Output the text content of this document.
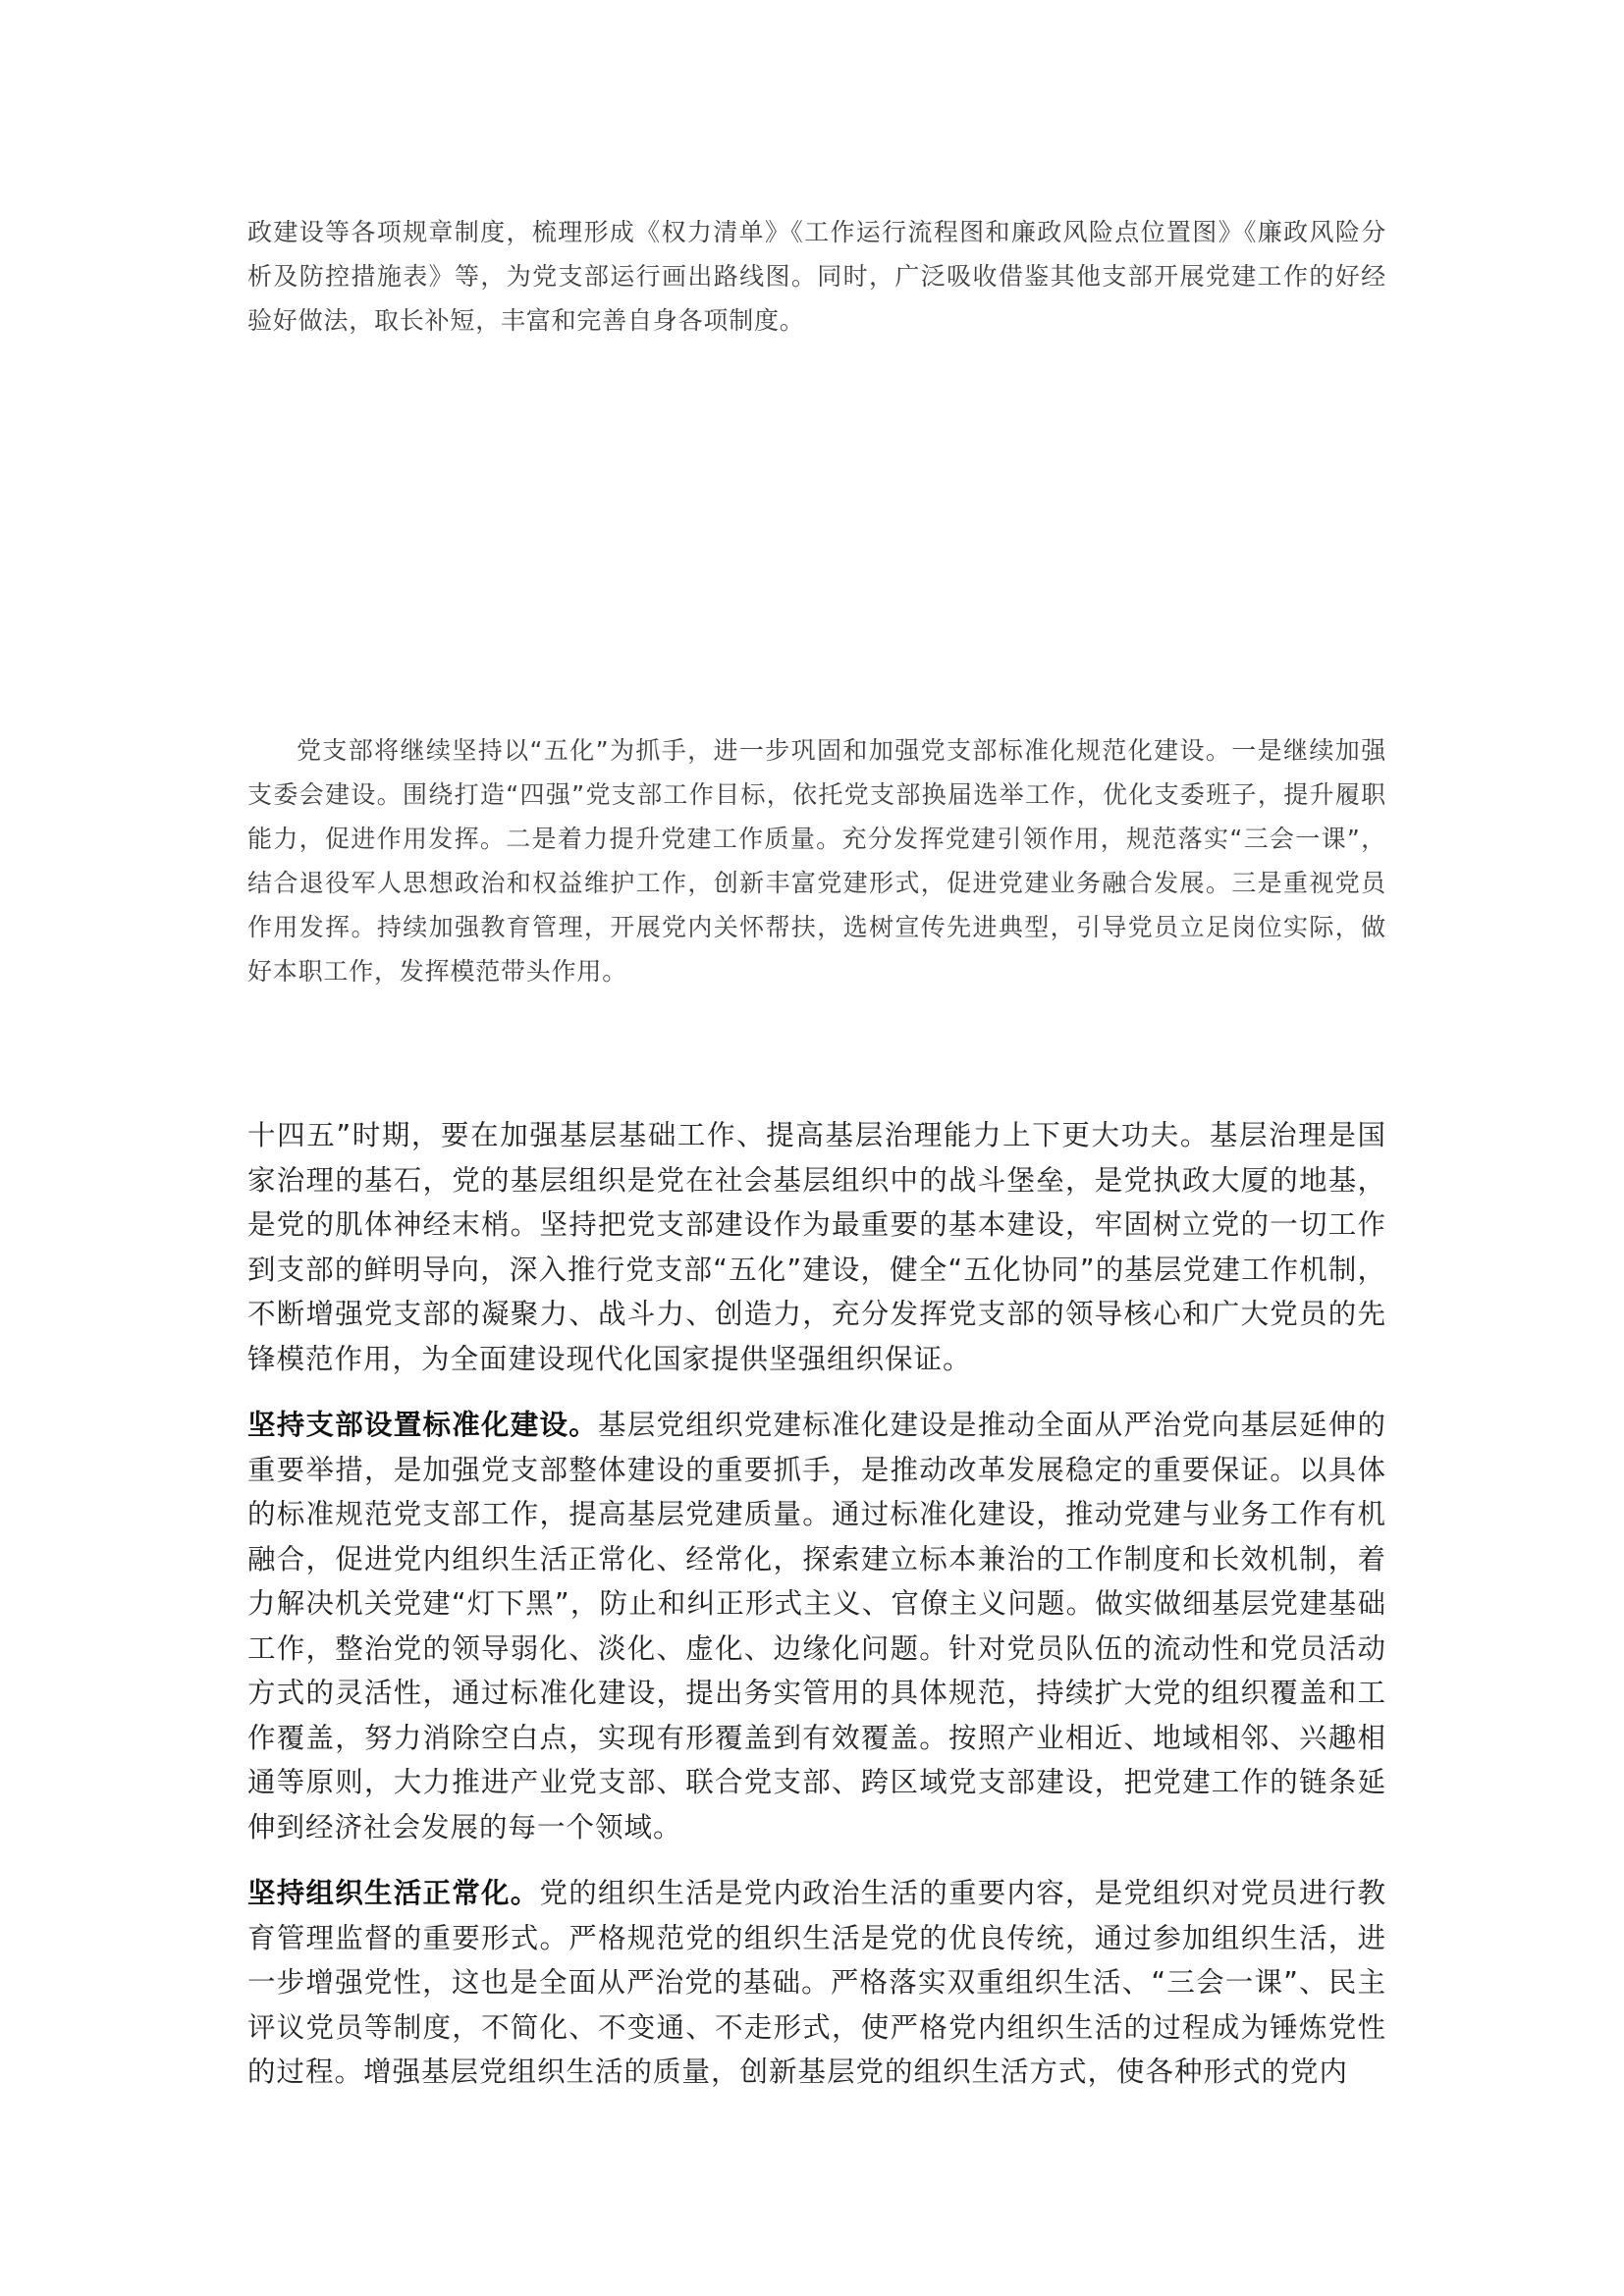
政建设等各项规章制度，梳理形成《权力清单》《工作运行流程图和廉政风险点位置图》《廉政风险分析及防控措施表》等，为党支部运行画出路线图。同时，广泛吸收借鉴其他支部开展党建工作的好经验好做法，取长补短，丰富和完善自身各项制度。

党支部将继续坚持以“五化”为抓手，进一步巩固和加强党支部标准化规范化建设。一是继续加强支委会建设。围绕打造“四强”党支部工作目标，依托党支部换届选举工作，优化支委班子，提升履职能力，促进作用发挥。二是着力提升党建工作质量。充分发挥党建引领作用，规范落实“三会一课”，结合退役军人思想政治和权益维护工作，创新丰富党建形式，促进党建业务融合发展。三是重视党员作用发挥。持续加强教育管理，开展党内关怀帮扶，选树宣传先进典型，引导党员立足岗位实际，做好本职工作，发挥模范带头作用。

十四五”时期，要在加强基层基础工作、提高基层治理能力上下更大功夫。基层治理是国家治理的基石，党的基层组织是党在社会基层组织中的战斗堡垒，是党执政大厦的地基，是党的肌体神经末梢。坚持把党支部建设作为最重要的基本建设，牢固树立党的一切工作到支部的鲜明导向，深入推行党支部“五化”建设，健全“五化协同”的基层党建工作机制，不断增强党支部的凝聚力、战斗力、创造力，充分发挥党支部的领导核心和广大党员的先锋模范作用，为全面建设现代化国家提供坚强组织保证。

坚持支部设置标准化建设。基层党组织党建标准化建设是推动全面从严治党向基层延伸的重要举措，是加强党支部整体建设的重要抓手，是推动改革发展稳定的重要保证。以具体的标准规范党支部工作，提高基层党建质量。通过标准化建设，推动党建与业务工作有机融合，促进党内组织生活正常化、经常化，探索建立标本兼治的工作制度和长效机制，着力解决机关党建“灯下黑”，防止和纠正形式主义、官僚主义问题。做实做细基层党建基础工作，整治党的领导弱化、淡化、虚化、边缘化问题。针对党员队伍的流动性和党员活动方式的灵活性，通过标准化建设，提出务实管用的具体规范，持续扩大党的组织覆盖和工作覆盖，努力消除空白点，实现有形覆盖到有效覆盖。按照产业相近、地域相邻、兴趣相通等原则，大力推进产业党支部、联合党支部、跨区域党支部建设，把党建工作的链条延伸到经济社会发展的每一个领域。

坚持组织生活正常化。党的组织生活是党内政治生活的重要内容，是党组织对党员进行教育管理监督的重要形式。严格规范党的组织生活是党的优良传统，通过参加组织生活，进一步增强党性，这也是全面从严治党的基础。严格落实双重组织生活、“三会一课”、民主评议党员等制度，不简化、不变通、不走形式，使严格党内组织生活的过程成为锤炼党性的过程。增强基层党组织生活的质量，创新基层党的组织生活方式，使各种形式的党内
